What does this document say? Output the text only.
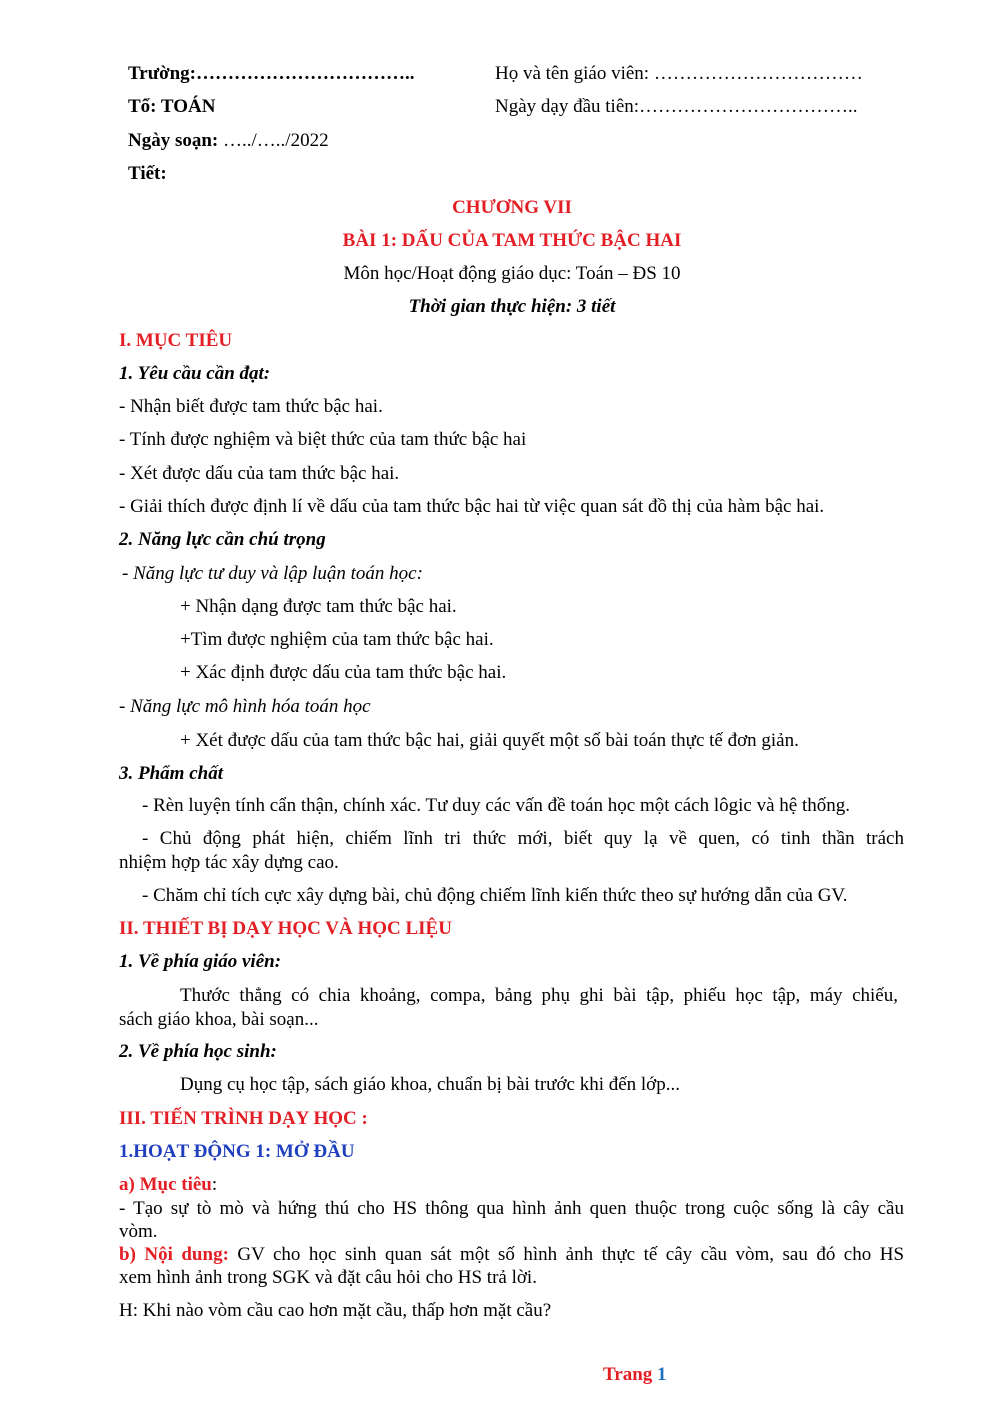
Trường:……………………………..	Họ và tên giáo viên: ……………………………
Tổ: TOÁN	Ngày dạy đầu tiên:……………………………..
Ngày soạn: …../…../2022
Tiết:
CHƯƠNG VII
BÀI 1: DẤU CỦA TAM THỨC BẬC HAI
Môn học/Hoạt động giáo dục: Toán – ĐS 10
Thời gian thực hiện: 3 tiết
I. MỤC TIÊU
1. Yêu cầu cần đạt:
- Nhận biết được tam thức bậc hai.
- Tính được nghiệm và biệt thức của tam thức bậc hai
- Xét được dấu của tam thức bậc hai.
- Giải thích được định lí về dấu của tam thức bậc hai từ việc quan sát đồ thị của hàm bậc hai.
2. Năng lực cần chú trọng
- Năng lực tư duy và lập luận toán học:
+ Nhận dạng được tam thức bậc hai.
+Tìm được nghiệm của tam thức bậc hai.
+ Xác định được dấu của tam thức bậc hai.
- Năng lực mô hình hóa toán học
+ Xét được dấu của tam thức bậc hai, giải quyết một số bài toán thực tế đơn giản.
3. Phẩm chất
- Rèn luyện tính cẩn thận, chính xác. Tư duy các vấn đề toán học một cách lôgic và hệ thống.
- Chủ động phát hiện, chiếm lĩnh tri thức mới, biết quy lạ về quen, có tinh thần trách
nhiệm hợp tác xây dựng cao.
- Chăm chỉ tích cực xây dựng bài, chủ động chiếm lĩnh kiến thức theo sự hướng dẫn của GV.
II. THIẾT BỊ DẠY HỌC VÀ HỌC LIỆU
1. Về phía giáo viên:
Thước thẳng có chia khoảng, compa, bảng phụ ghi bài tập, phiếu học tập, máy chiếu,
sách giáo khoa, bài soạn...
2. Về phía học sinh:
Dụng cụ học tập, sách giáo khoa, chuẩn bị bài trước khi đến lớp...
III. TIẾN TRÌNH DẠY HỌC :
1.HOẠT ĐỘNG 1: MỞ ĐẦU
a) Mục tiêu:
- Tạo sự tò mò và hứng thú cho HS thông qua hình ảnh quen thuộc trong cuộc sống là cây cầu
vòm.
b) Nội dung: GV cho học sinh quan sát một số hình ảnh thực tế cây cầu vòm, sau đó cho HS
xem hình ảnh trong SGK và đặt câu hỏi cho HS trả lời.
H: Khi nào vòm cầu cao hơn mặt cầu, thấp hơn mặt cầu?
Trang 1
